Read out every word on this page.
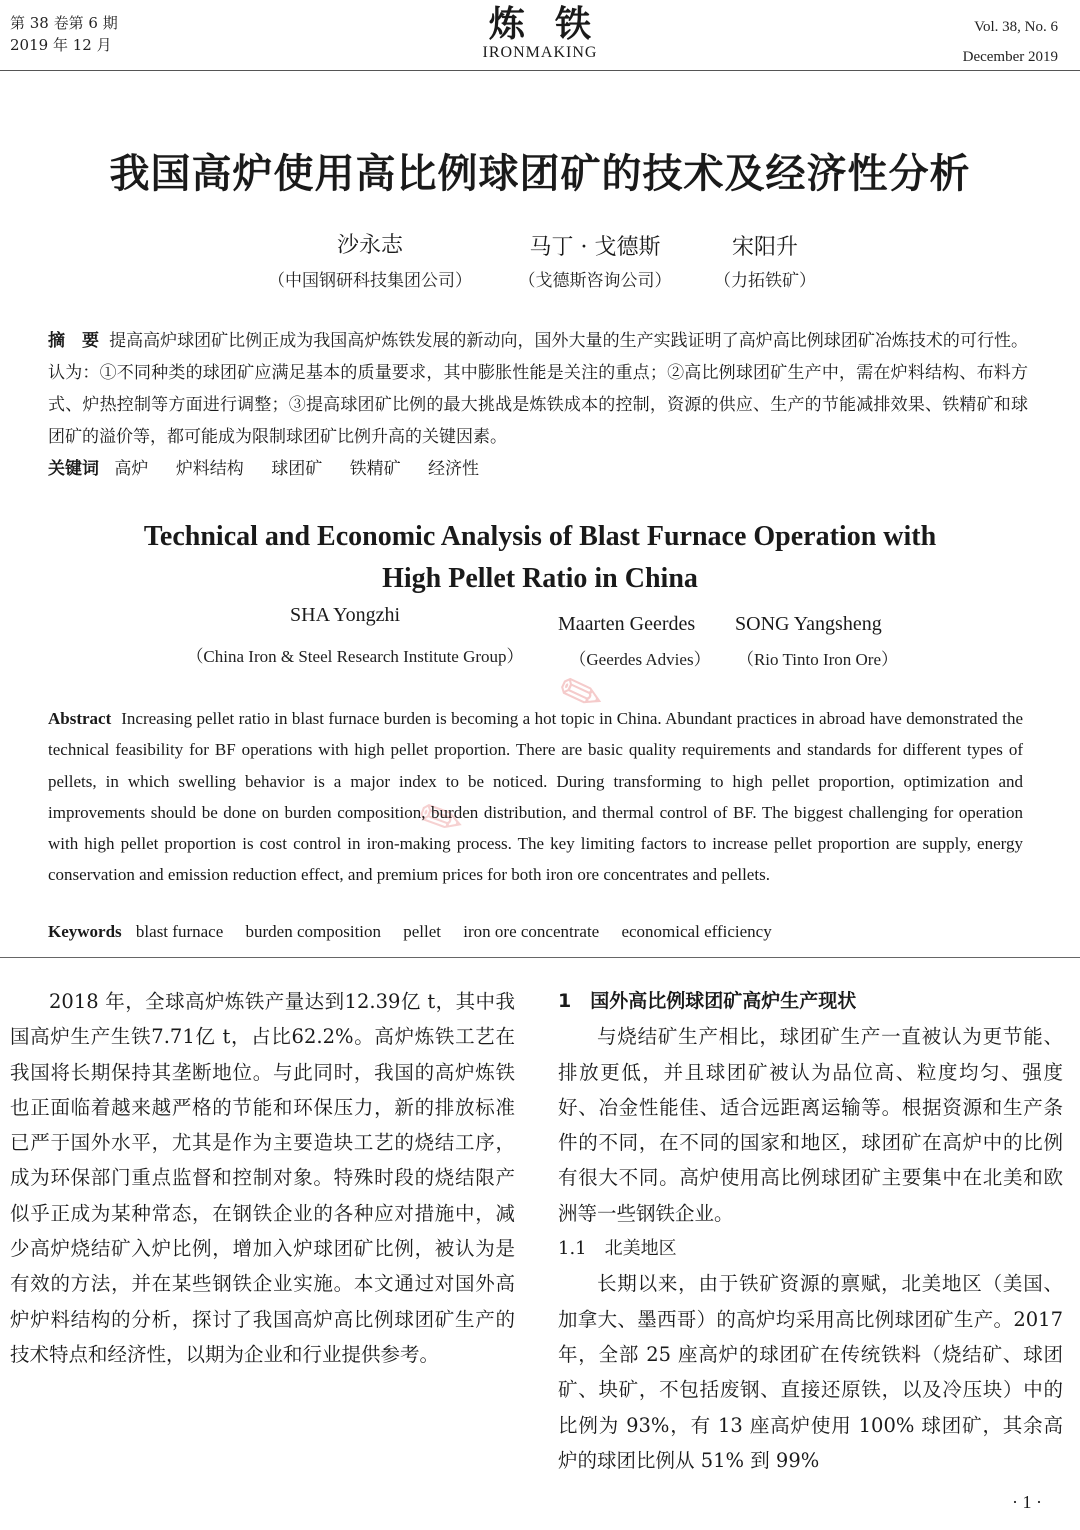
第 38 卷第 6 期
2019 年 12 月	炼铁
IRONMAKING
Vol. 38, No. 6
December 2019
我国高炉使用高比例球团矿的技术及经济性分析
沙永志
（中国钢研科技集团公司）
马丁 · 戈德斯
（戈德斯咨询公司）
宋阳升
（力拓铁矿）
摘　要 提高高炉球团矿比例正成为我国高炉炼铁发展的新动向，国外大量的生产实践证明了高炉高比例球团矿冶炼技术的可行性。认为：①不同种类的球团矿应满足基本的质量要求，其中膨胀性能是关注的重点；②高比例球团矿生产中，需在炉料结构、布料方式、炉热控制等方面进行调整；③提高球团矿比例的最大挑战是炼铁成本的控制，资源的供应、生产的节能减排效果、铁精矿和球团矿的溢价等，都可能成为限制球团矿比例升高的关键因素。
关键词 高炉 炉料结构 球团矿 铁精矿 经济性
Technical and Economic Analysis of Blast Furnace Operation with
High Pellet Ratio in China
SHA Yongzhi
（China Iron & Steel Research Institute Group）
Maarten Geerdes
（Geerdes Advies）
SONG Yangsheng
（Rio Tinto Iron Ore）
✎
✎
Abstract Increasing pellet ratio in blast furnace burden is becoming a hot topic in China. Abundant practices in abroad have demonstrated the technical feasibility for BF operations with high pellet proportion. There are basic quality requirements and standards for different types of pellets, in which swelling behavior is a major index to be noticed. During transforming to high pellet proportion, optimization and improvements should be done on burden composition, burden distribution, and thermal control of BF. The biggest challenging for operation with high pellet proportion is cost control in iron-making process. The key limiting factors to increase pellet proportion are supply, energy conservation and emission reduction effect, and premium prices for both iron ore concentrates and pellets.
Keywords blast furnace burden composition pellet iron ore concentrate economical efficiency

2018 年，全球高炉炼铁产量达到12.39亿 t，其中我国高炉生产生铁7.71亿 t，占比62.2%。高炉炼铁工艺在我国将长期保持其垄断地位。与此同时，我国的高炉炼铁也正面临着越来越严格的节能和环保压力，新的排放标准已严于国外水平，尤其是作为主要造块工艺的烧结工序，成为环保部门重点监督和控制对象。特殊时段的烧结限产似乎正成为某种常态，在钢铁企业的各种应对措施中，减少高炉烧结矿入炉比例，增加入炉球团矿比例，被认为是有效的方法，并在某些钢铁企业实施。本文通过对国外高炉炉料结构的分析，探讨了我国高炉高比例球团矿生产的技术特点和经济性，以期为企业和行业提供参考。

1　国外高比例球团矿高炉生产现状

与烧结矿生产相比，球团矿生产一直被认为更节能、排放更低，并且球团矿被认为品位高、粒度均匀、强度好、冶金性能佳、适合远距离运输等。根据资源和生产条件的不同，在不同的国家和地区，球团矿在高炉中的比例有很大不同。高炉使用高比例球团矿主要集中在北美和欧洲等一些钢铁企业。

1.1　北美地区

长期以来，由于铁矿资源的禀赋，北美地区（美国、加拿大、墨西哥）的高炉均采用高比例球团矿生产。2017 年，全部 25 座高炉的球团矿在传统铁料（烧结矿、球团矿、块矿，不包括废钢、直接还原铁，以及冷压块）中的比例为 93%，有 13 座高炉使用 100% 球团矿，其余高炉的球团比例从 51% 到 99%

· 1 ·
